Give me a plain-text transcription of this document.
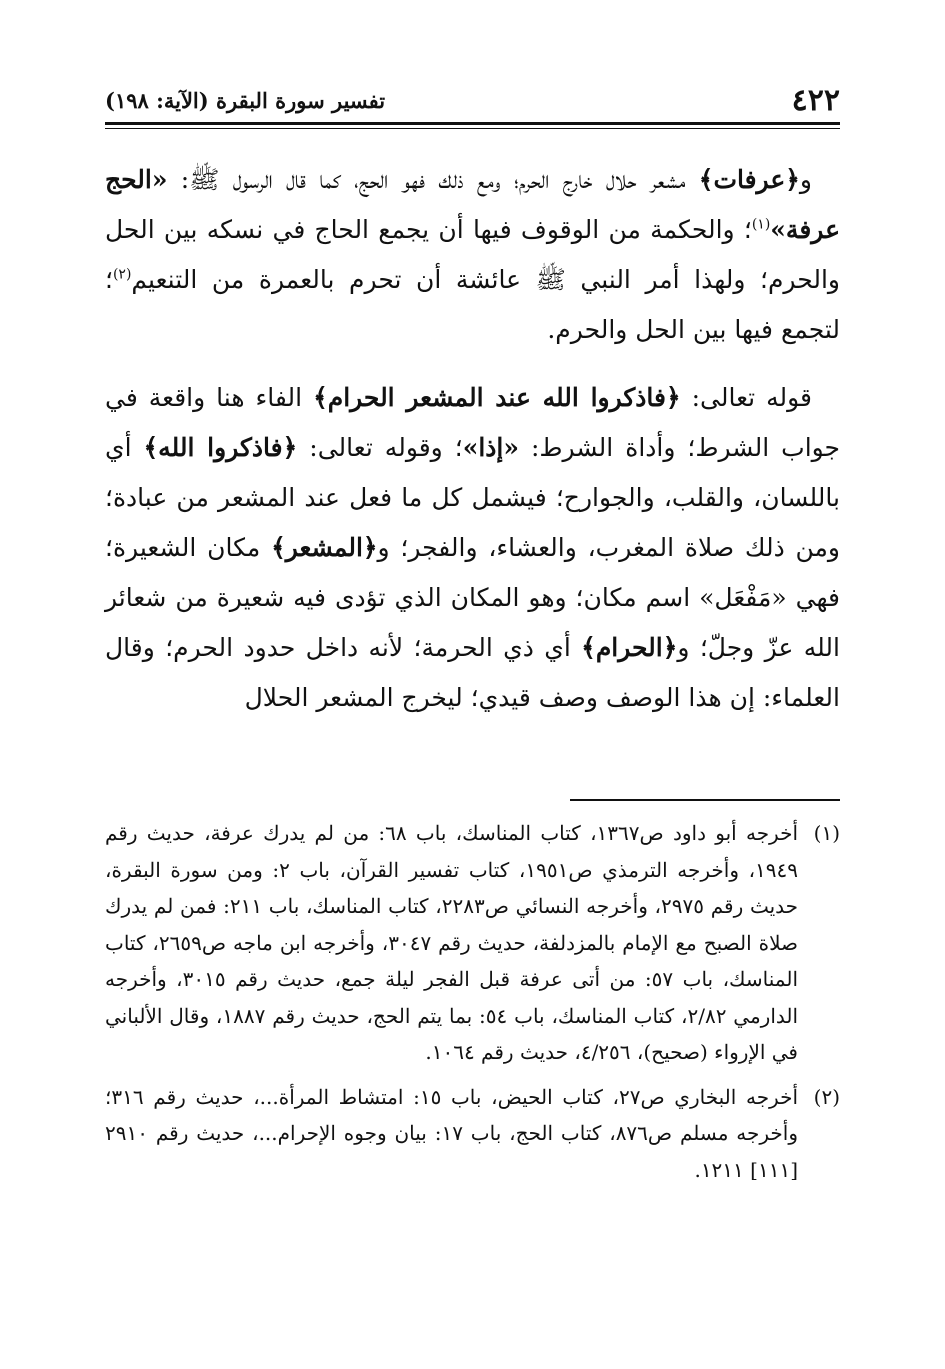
٤٢٢
تفسير سورة البقرة (الآية: ١٩٨)

و﴿عرفات﴾ مشعر حلال خارج الحرم؛ ومع ذلك فهو الحج، كما قال الرسول ﷺ: «الحج عرفة»$^{(١)}$؛ والحكمة من الوقوف فيها أن يجمع الحاج في نسكه بين الحل والحرم؛ ولهذا أمر النبي ﷺ عائشة أن تحرم بالعمرة من التنعيم$^{(٢)}$؛ لتجمع فيها بين الحل والحرم.

قوله تعالى: ﴿فاذكروا الله عند المشعر الحرام﴾ الفاء هنا واقعة في جواب الشرط؛ وأداة الشرط: «إذا»؛ وقوله تعالى: ﴿فاذكروا الله﴾ أي باللسان، والقلب، والجوارح؛ فيشمل كل ما فعل عند المشعر من عبادة؛ ومن ذلك صلاة المغرب، والعشاء، والفجر؛ و﴿المشعر﴾ مكان الشعيرة؛ فهي «مَفْعَل» اسم مكان؛ وهو المكان الذي تؤدى فيه شعيرة من شعائر الله عزّ وجلّ؛ و﴿الحرام﴾ أي ذي الحرمة؛ لأنه داخل حدود الحرم؛ وقال العلماء: إن هذا الوصف وصف قيدي؛ ليخرج المشعر الحلال

(١)
أخرجه أبو داود ص١٣٦٧، كتاب المناسك، باب ٦٨: من لم يدرك عرفة، حديث رقم ١٩٤٩، وأخرجه الترمذي ص١٩٥١، كتاب تفسير القرآن، باب ٢: ومن سورة البقرة، حديث رقم ٢٩٧٥، وأخرجه النسائي ص٢٢٨٣، كتاب المناسك، باب ٢١١: فمن لم يدرك صلاة الصبح مع الإمام بالمزدلفة، حديث رقم ٣٠٤٧، وأخرجه ابن ماجه ص٢٦٥٩، كتاب المناسك، باب ٥٧: من أتى عرفة قبل الفجر ليلة جمع، حديث رقم ٣٠١٥، وأخرجه الدارمي ٢/٨٢، كتاب المناسك، باب ٥٤: بما يتم الحج، حديث رقم ١٨٨٧، وقال الألباني في الإرواء (صحيح)، ٤/٢٥٦، حديث رقم ١٠٦٤.
(٢)
أخرجه البخاري ص٢٧، كتاب الحيض، باب ١٥: امتشاط المرأة...، حديث رقم ٣١٦؛ وأخرجه مسلم ص٨٧٦، كتاب الحج، باب ١٧: بيان وجوه الإحرام...، حديث رقم ٢٩١٠ [١١١] ١٢١١.
